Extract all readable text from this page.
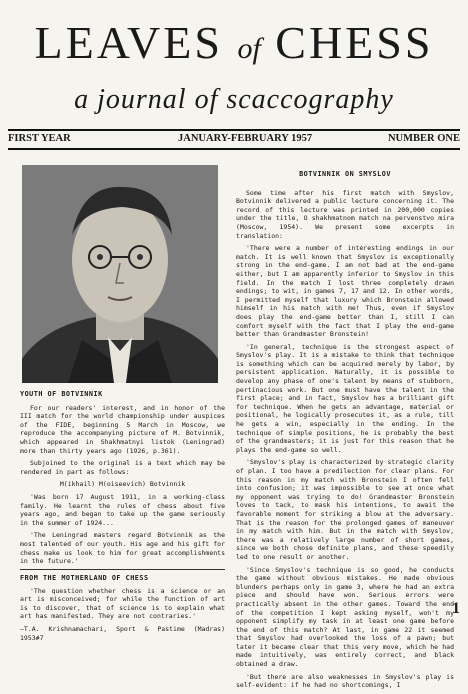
LEAVES of CHESS
a journal of scaccography
FIRST YEAR	JANUARY-FEBRUARY 1957	NUMBER ONE
YOUTH OF BOTVINNIK

For our readers' interest, and in honor of the III match for the world championship under auspices of the FIDE, beginning 5 March in Moscow, we reproduce the accompanying picture of M. Botvinnik, which appeared in Shakhmatnyi listok (Leningrad) more than thirty years ago (1926, p.361).

Subjoined to the original is a text which may be rendered in part as follows:

M(ikhail) M(oiseevich) Botvinnik

'Was born 17 August 1911, in a working-class family. He learnt the rules of chess about five years ago, and began to take up the game seriously in the summer of 1924...

'The Leningrad masters regard Botvinnik as the most talented of our youth. His age and his gift for chess make us look to him for great accomplishments in the future.'

FROM THE MOTHERLAND OF CHESS

'The question whether chess is a science or an art is misconceived; for while the function of art is to discover, that of science is to explain what art has manifested. They are not contraries.'

—T.A. Krishnamachari, Sport & Pastime (Madras) 1953#7

BOTVINNIK ON SMYSLOV

Some time after his first match with Smyslov, Botvinnik delivered a public lecture concerning it. The record of this lecture was printed in 200,000 copies under the title, O shakhmatnom match na pervenstvo mira (Moscow, 1954). We present some excerpts in translation:

'There were a number of interesting endings in our match. It is well known that Smyslov is exceptionally strong in the end-game. I am not bad at the end-game either, but I am apparently inferior to Smyslov in this field. In the match I lost three completely drawn endings; to wit, in games 7, 17 and 12. In other words, I permitted myself that luxury which Bronstein allowed himself in his match with me! Thus, even if Smyslov does play the end-game better than I, still I can comfort myself with the fact that I play the end-game better than Grandmaster Bronstein!

'In general, technique is the strongest aspect of Smyslov's play. It is a mistake to think that technique is something which can be acquired merely by labor, by persistent application. Naturally, it is possible to develop any phase of one's talent by means of stubborn, pertinacious work. But one must have the talent in the first place; and in fact, Smyslov has a brilliant gift for technique. When he gets an advantage, material or positional, he logically prosecutes it, as a rule, till he gets a win, especially in the ending. In the technique of simple positions, he is probably the best of the grandmasters; it is just for this reason that he plays the end-game so well.

'Smyslov's play is characterized by strategic clarity of plan. I too have a predilection for clear plans. For this reason in my match with Bronstein I often fell into confusion; it was impossible to see at once what my opponent was trying to do! Grandmaster Bronstein loves to tack, to mask his intentions, to await the favorable moment for striking a blow at the adversary. That is the reason for the prolonged games of maneuver in my match with him. But in the match with Smyslov, there was a relatively large number of short games, since we both chose definite plans, and these speedily led to one result or another.

'Since Smyslov's technique is so good, he conducts the game without obvious mistakes. He made obvious blunders perhaps only in game 3, where he had an extra piece and should have won. Serious errors were practically absent in the other games. Toward the end of the competition I kept asking myself, won't my opponent simplify my task in at least one game before the end of this match? At last, in game 22 it seemed that Smyslov had overlooked the loss of a pawn; but later it became clear that this very move, which he had made intuitively, was entirely correct, and black obtained a draw.

'But there are also weaknesses in Smyslov's play is self-evident: if he had no shortcomings, I

1
